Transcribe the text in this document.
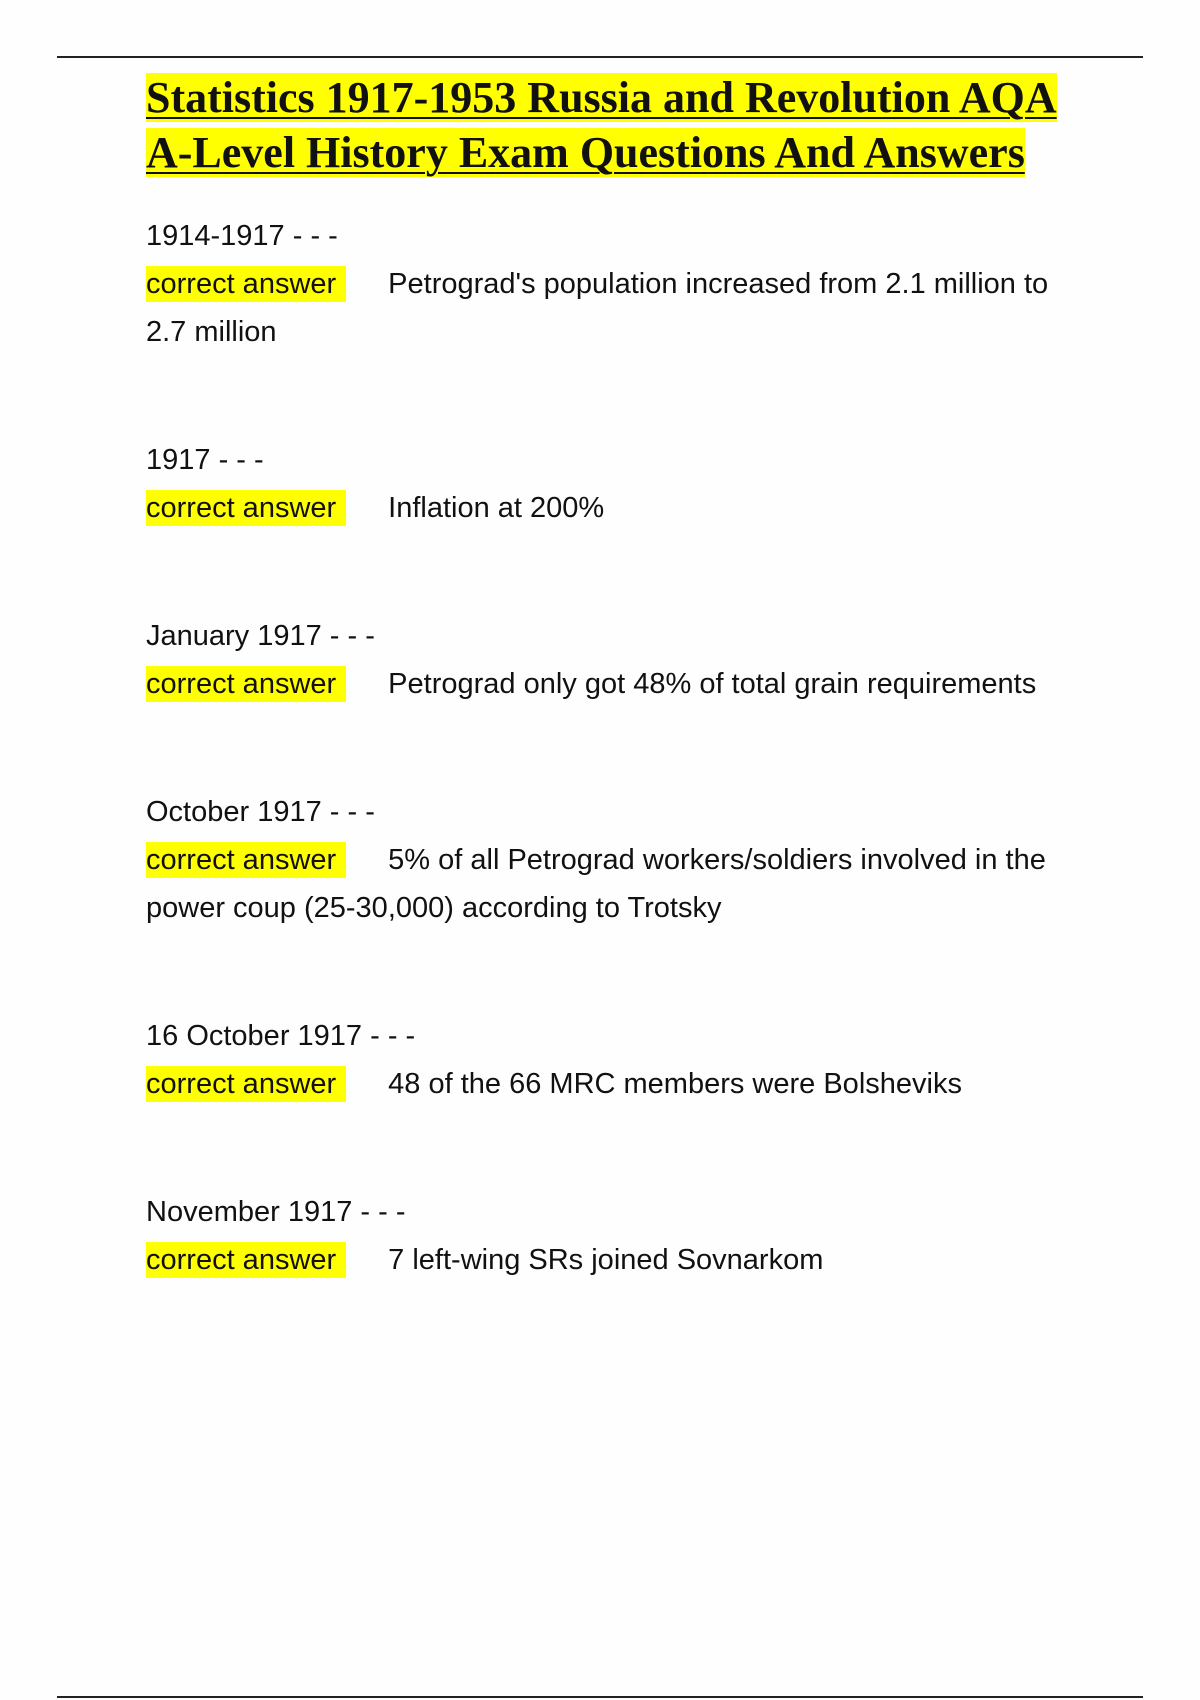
Statistics 1917-1953 Russia and Revolution AQA A-Level History Exam Questions And Answers
1914-1917 - - -

correct answer Petrograd's population increased from 2.1 million to 2.7 million

1917 - - -

correct answer Inflation at 200%

January 1917 - - -

correct answer Petrograd only got 48% of total grain requirements

October 1917 - - -

correct answer 5% of all Petrograd workers/soldiers involved in the power coup (25-30,000) according to Trotsky

16 October 1917 - - -

correct answer 48 of the 66 MRC members were Bolsheviks

November 1917 - - -

correct answer 7 left-wing SRs joined Sovnarkom
